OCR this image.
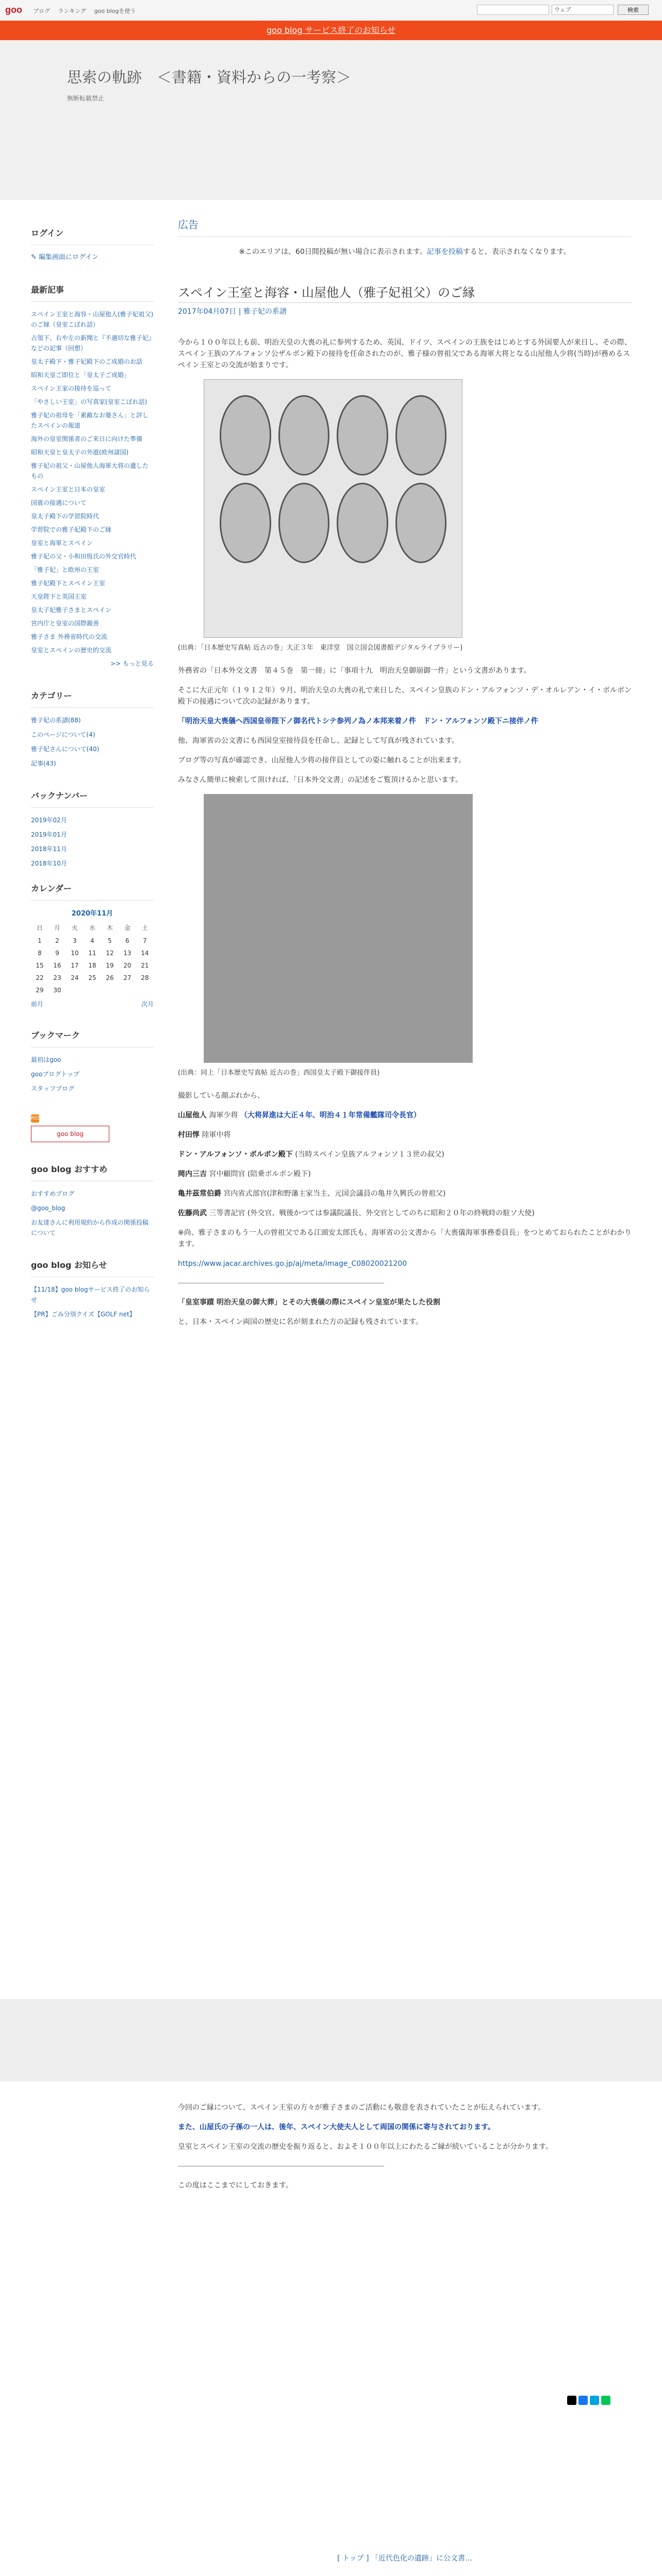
goo ブログ ランキング goo blogを使う	ウェブ	検索
goo blog サービス終了のお知らせ
思索の軌跡　＜書籍・資料からの一考察＞
無断転載禁止
ログイン
✎ 編集画面にログイン
最新記事
スペイン王室と海容・山屋他人(雅子妃祖父)のご縁（皇室こぼれ話）
占領下、右や左の新聞と『不適切な雅子妃』などの記事（回想）
皇太子殿下・雅子妃殿下のご成婚のお話
昭和天皇ご即位と「皇太子ご成婚」
スペイン王家の接待を巡って
「やさしい王室」の写真家(皇室こぼれ話)
雅子妃の祖母を「素敵なお婆さん」と評したスペインの報道
海外の皇室関係者のご来日に向けた準備
昭和天皇と皇太子の外遊(欧州諸国)
雅子妃の祖父・山屋他人海軍大将の遺したもの
スペイン王室と日本の皇室
国賓の接遇について
皇太子殿下の学習院時代
学習院での雅子妃殿下のご縁
皇室と海軍とスペイン
雅子妃の父・小和田恆氏の外交官時代
「雅子妃」と欧州の王室
雅子妃殿下とスペイン王室
天皇陛下と英国王室
皇太子妃雅子さまとスペイン
宮内庁と皇室の国際親善
雅子さま 外務省時代の交流
皇室とスペインの歴史的交流
>> もっと見る
カテゴリー
雅子妃の系譜(88)
このページについて(4)
雅子妃さんについて(40)
記事(43)
バックナンバー
2019年02月
2019年01月
2018年11月
2018年10月
カレンダー
2020年11月
日	月	火	水	木	金	土
1	2	3	4	5	6	7
8	9	10	11	12	13	14
15	16	17	18	19	20	21
22	23	24	25	26	27	28
29	30					
前月	次月
ブックマーク
最初はgoo
gooブログトップ
スタッフブログ
RSS
goo blog
goo blog おすすめ
おすすめブログ
@goo_blog
お友達さんに利用規約から作成の関係投稿について
goo blog お知らせ
【11/18】goo blogサービス終了のお知らせ
【PR】ごみ分別クイズ【GOLF net】
広告
※このエリアは、60日間投稿が無い場合に表示されます。記事を投稿すると、表示されなくなります。
スペイン王室と海容・山屋他人（雅子妃祖父）のご縁
2017年04月07日 | 雅子妃の系譜

今から１００年以上も前、明治天皇の大喪の礼に参列するため、英国、ドイツ、スペインの王族をはじめとする外国要人が来日し、その際、スペイン王族のアルフォンソ公ザルボン殿下の接待を任命されたのが、雅子様の曾祖父である海軍大将となる山屋他人少将(当時)が務めるスペイン王室との交流が始まりです。

(出典：「日本歴史写真帖 近古の巻」大正３年　東洋堂　国立国会図書館デジタルライブラリー)

外務省の「日本外交文書　第４５巻　第一冊」に「事項十九　明治天皇御崩御一件」という文書があります。

そこに大正元年（１９１２年）９月、明治天皇の大喪の礼で来日した、スペイン皇族のドン・アルフォンソ・デ・オルレアン・イ・ボルボン殿下の接遇について次の記録があります。

「明治天皇大喪儀へ西国皇帝陛下ノ御名代トシテ参列ノ為ノ本邦来着ノ件　ドン・アルフォンソ殿下ニ接伴ノ件

他、海軍省の公文書にも西国皇室接待員を任命し、記録として写真が残されています。

ブログ等の写真が確認でき、山屋他人少将の接伴員としての姿に触れることが出来ます。

みなさん簡単に検索して頂ければ、「日本外交文書」の記述をご覧頂けるかと思います。

(出典：同上「日本歴史写真帖 近古の巻」西国皇太子殿下御接伴員)

撮影している顔ぶれから、

山屋他人 海軍少将 （大将昇進は大正４年、明治４１年常備艦隊司令長官）

村田惇 陸軍中将

ドン・アルフォンソ・ボルボン殿下 (当時スペイン皇族アルフォンソ１３世の叔父)

岡内三吉 宮中顧問官 (陪乗ボルボン殿下)

亀井茲常伯爵 宮内省式部官(津和野藩主家当主、元国会議員の亀井久興氏の曾祖父)

佐藤尚武 三等書記官 (外交官、戦後かつては参議院議長、外交官としてのちに昭和２０年の終戦時の駐ソ大使)

※尚、雅子さまのもう一人の曾祖父である江頭安太郎氏も、海軍省の公文書から「大喪儀海軍事務委員長」をつとめておられたことがわかります。

https://www.jacar.archives.go.jp/aj/meta/image_C08020021200

「皇室事蹟 明治天皇の御大葬」とその大喪儀の際にスペイン皇室が果たした役割

と、日本・スペイン両国の歴史に名が刻まれた方の記録も残されています。

今回のご縁について、スペイン王室の方々が雅子さまのご活動にも敬意を表されていたことが伝えられています。

また、山屋氏の子孫の一人は、後年、スペイン大使夫人として両国の関係に寄与されております。

皇室とスペイン王室の交流の歴史を振り返ると、およそ１００年以上にわたるご縁が続いていることが分かります。

この度はここまでにしておきます。

[ トップ ] 「近代色化の遺跡」に公文書…
